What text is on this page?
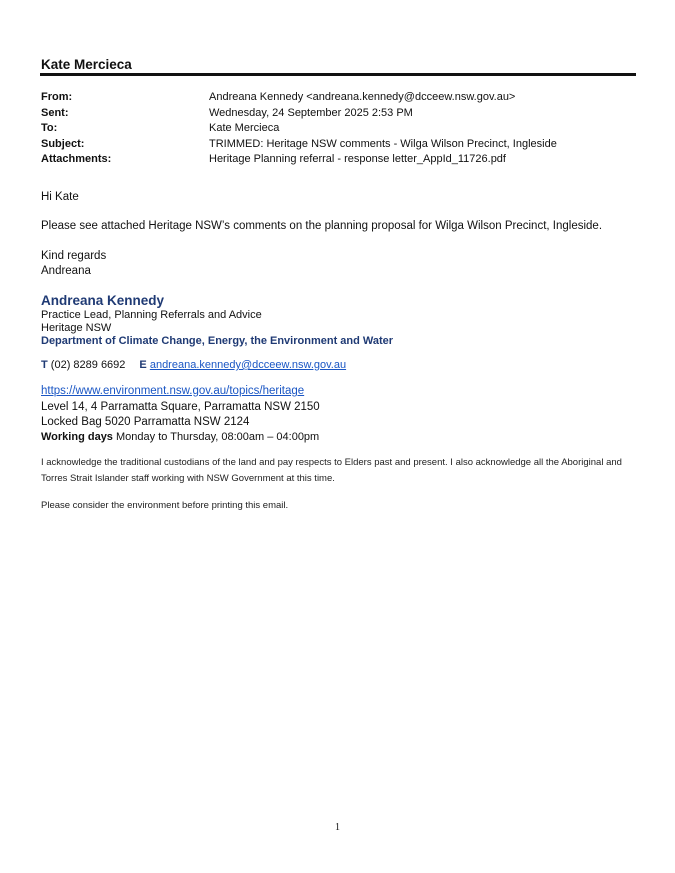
Kate Mercieca
From:	Andreana Kennedy <andreana.kennedy@dcceew.nsw.gov.au>
Sent:	Wednesday, 24 September 2025 2:53 PM
To:	Kate Mercieca
Subject:	TRIMMED: Heritage NSW comments - Wilga Wilson Precinct, Ingleside
Attachments:	Heritage Planning referral - response letter_AppId_11726.pdf
Hi Kate
Please see attached Heritage NSW’s comments on the planning proposal for Wilga Wilson Precinct, Ingleside.
Kind regards
Andreana
Andreana Kennedy
Practice Lead, Planning Referrals and Advice
Heritage NSW
Department of Climate Change, Energy, the Environment and Water
T (02) 8289 6692 E andreana.kennedy@dcceew.nsw.gov.au
https://www.environment.nsw.gov.au/topics/heritage
Level 14, 4 Parramatta Square, Parramatta NSW 2150
Locked Bag 5020 Parramatta NSW 2124
Working days Monday to Thursday, 08:00am – 04:00pm
I acknowledge the traditional custodians of the land and pay respects to Elders past and present. I also acknowledge all the Aboriginal and Torres Strait Islander staff working with NSW Government at this time.
Please consider the environment before printing this email.
1
